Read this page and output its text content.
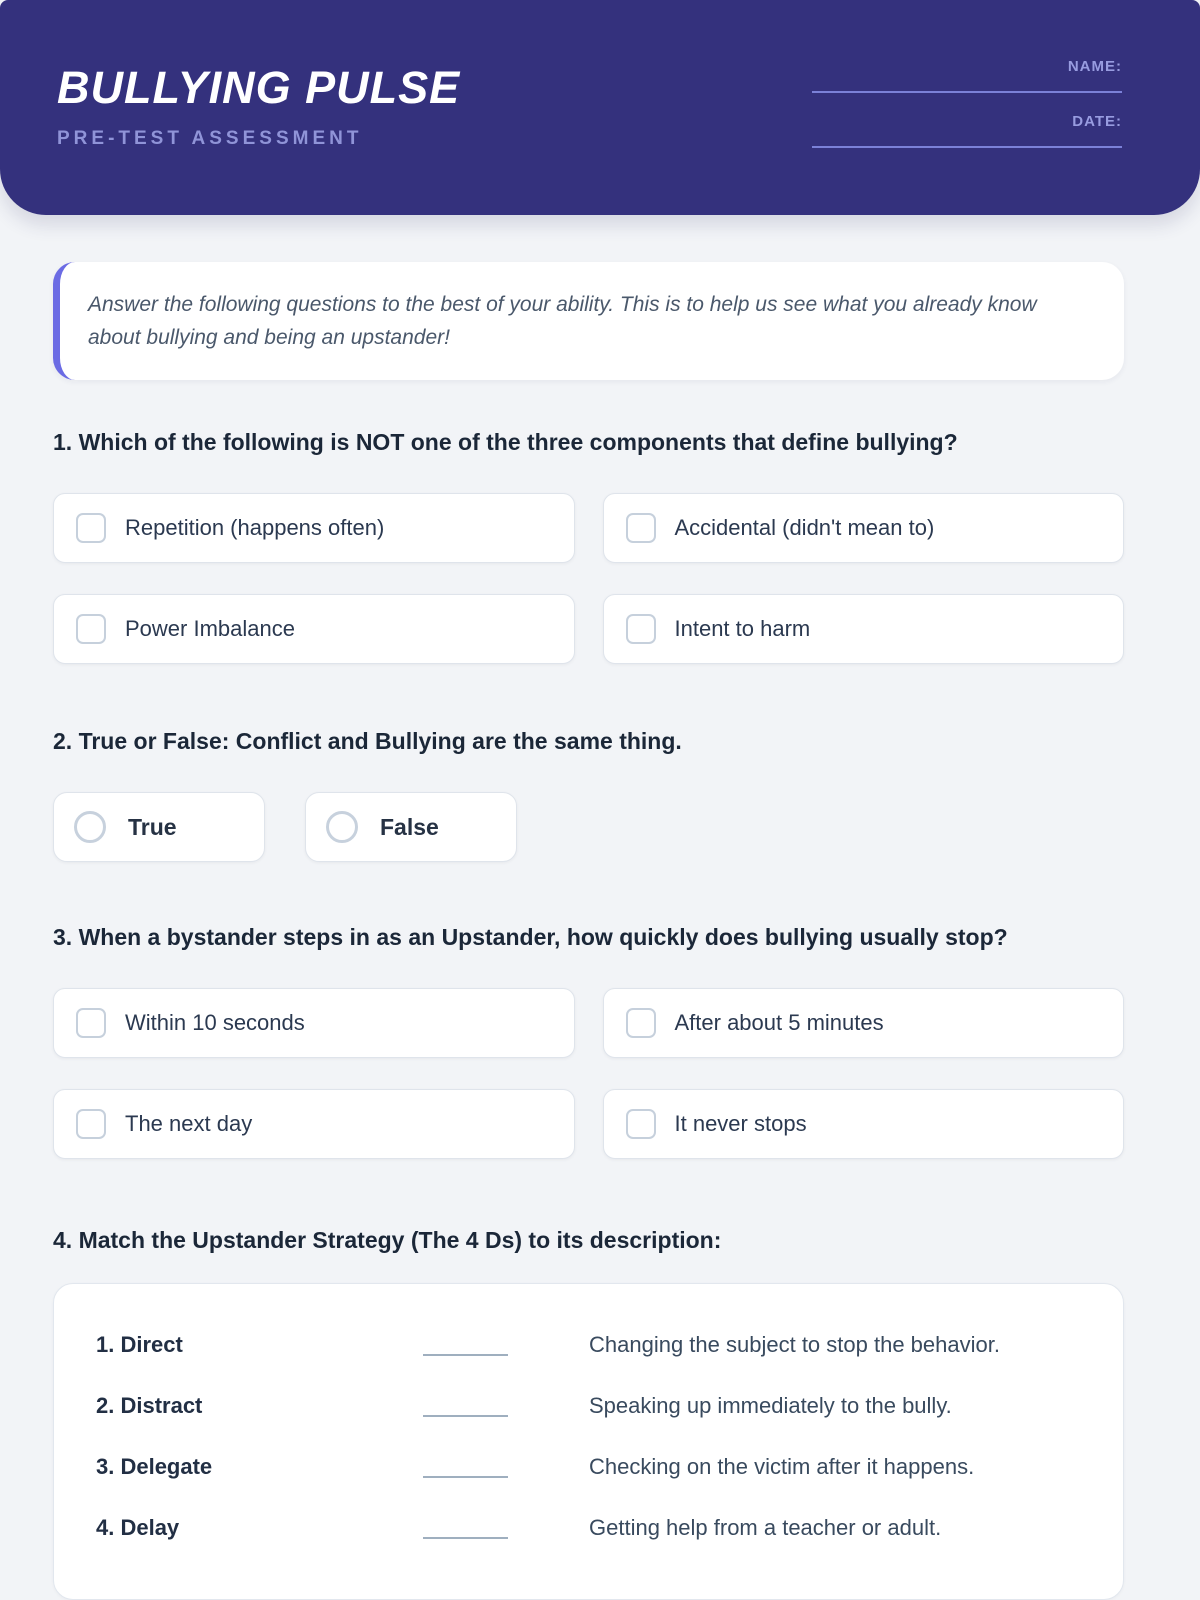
BULLYING PULSE
PRE-TEST ASSESSMENT
NAME:
DATE:
Answer the following questions to the best of your ability. This is to help us see what you already know about bullying and being an upstander!
1. Which of the following is NOT one of the three components that define bullying?
Repetition (happens often)	Accidental (didn't mean to)
Power Imbalance	Intent to harm
2. True or False: Conflict and Bullying are the same thing.
True	False
3. When a bystander steps in as an Upstander, how quickly does bullying usually stop?
Within 10 seconds	After about 5 minutes
The next day	It never stops
4. Match the Upstander Strategy (The 4 Ds) to its description:
1. Direct	Changing the subject to stop the behavior.
2. Distract	Speaking up immediately to the bully.
3. Delegate	Checking on the victim after it happens.
4. Delay	Getting help from a teacher or adult.
